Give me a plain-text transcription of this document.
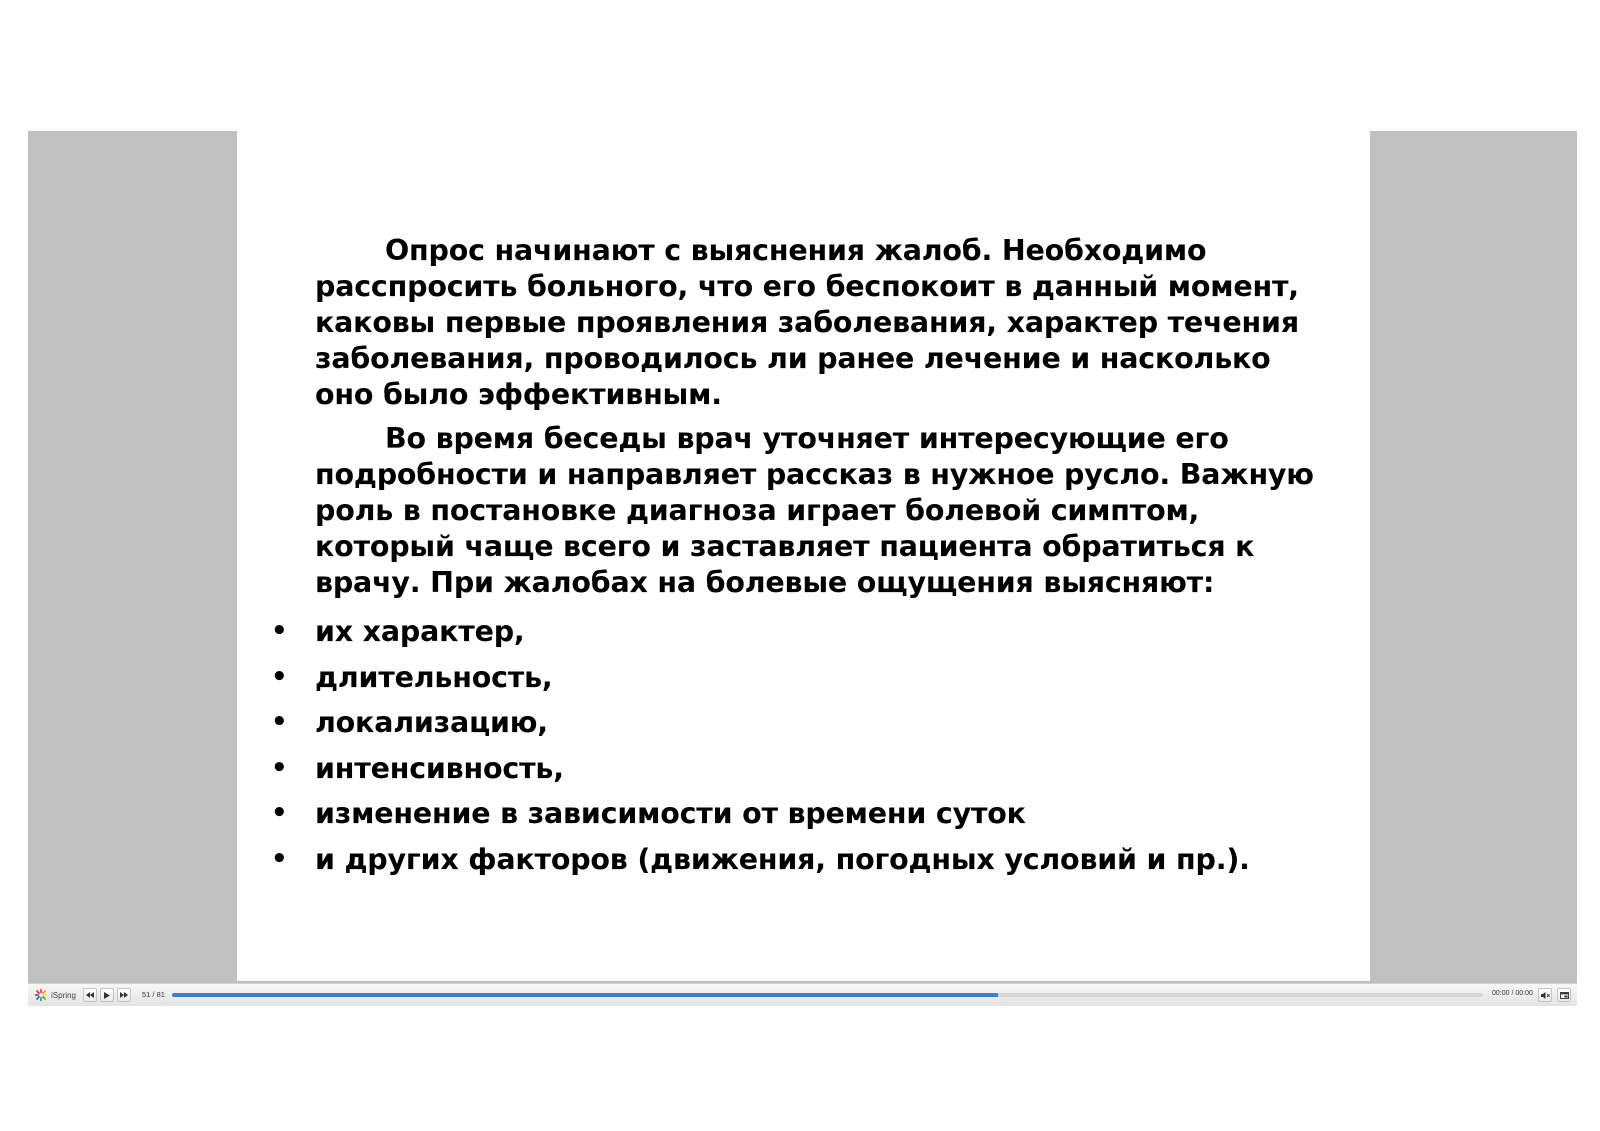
Опрос начинают с выяснения жалоб. Необходимо расспросить больного, что его беспокоит в данный момент, каковы первые проявления заболевания, характер течения заболевания, проводилось ли ранее лечение и насколько оно было эффективным.

Во время беседы врач уточняет интересующие его подробности и направляет рассказ в нужное русло. Важную роль в постановке диагноза играет болевой симптом, который чаще всего и заставляет пациента обратиться к врачу. При жалобах на болевые ощущения выясняют:

• их характер,
• длительность,
• локализацию,
• интенсивность,
• изменение в зависимости от времени суток
• и других факторов (движения, погодных условий и пр.).
iSpring	51 / 81	00:00 / 00:00
